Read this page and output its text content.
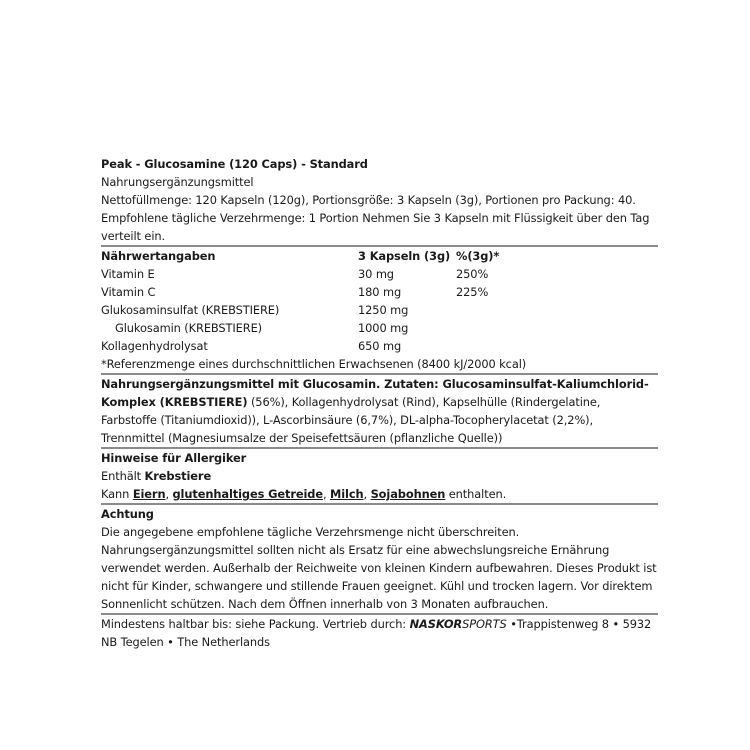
Peak - Glucosamine (120 Caps) - Standard
Nahrungsergänzungsmittel
Nettofüllmenge: 120 Kapseln (120g), Portionsgröße: 3 Kapseln (3g), Portionen pro Packung: 40.
Empfohlene tägliche Verzehrmenge: 1 Portion Nehmen Sie 3 Kapseln mit Flüssigkeit über den Tag verteilt ein.
Nährwertangaben	3 Kapseln (3g)	%(3g)*
Vitamin E	30 mg	250%
Vitamin C	180 mg	225%
Glukosaminsulfat (KREBSTIERE)	1250 mg	
Glukosamin (KREBSTIERE)	1000 mg	
Kollagenhydrolysat	650 mg	
*Referenzmenge eines durchschnittlichen Erwachsenen (8400 kJ/2000 kcal)
Nahrungsergänzungsmittel mit Glucosamin. Zutaten: Glucosaminsulfat-Kaliumchlorid-Komplex (KREBSTIERE) (56%), Kollagenhydrolysat (Rind), Kapselhülle (Rindergelatine, Farbstoffe (Titaniumdioxid)), L-Ascorbinsäure (6,7%), DL-alpha-Tocopherylacetat (2,2%), Trennmittel (Magnesiumsalze der Speisefettsäuren (pflanzliche Quelle))
Hinweise für Allergiker
Enthält Krebstiere
Kann Eiern, glutenhaltiges Getreide, Milch, Sojabohnen enthalten.
Achtung
Die angegebene empfohlene tägliche Verzehrsmenge nicht überschreiten. Nahrungsergänzungsmittel sollten nicht als Ersatz für eine abwechslungsreiche Ernährung verwendet werden. Außerhalb der Reichweite von kleinen Kindern aufbewahren. Dieses Produkt ist nicht für Kinder, schwangere und stillende Frauen geeignet. Kühl und trocken lagern. Vor direktem Sonnenlicht schützen. Nach dem Öffnen innerhalb von 3 Monaten aufbrauchen.
Mindestens haltbar bis: siehe Packung. Vertrieb durch: NASKORSPORTS •Trappistenweg 8 • 5932 NB Tegelen • The Netherlands
